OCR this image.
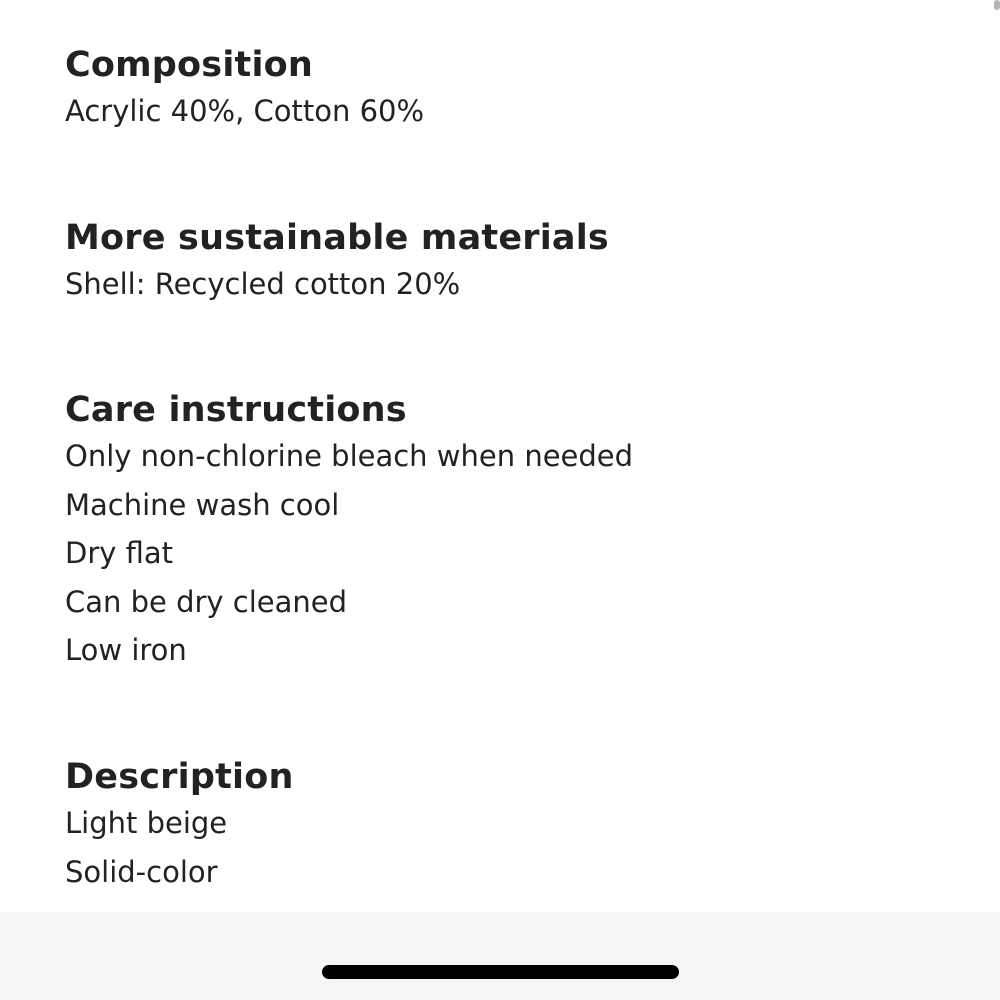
Composition
Acrylic 40%, Cotton 60%
More sustainable materials
Shell: Recycled cotton 20%
Care instructions
Only non-chlorine bleach when needed
Machine wash cool
Dry flat
Can be dry cleaned
Low iron
Description
Light beige
Solid-color
